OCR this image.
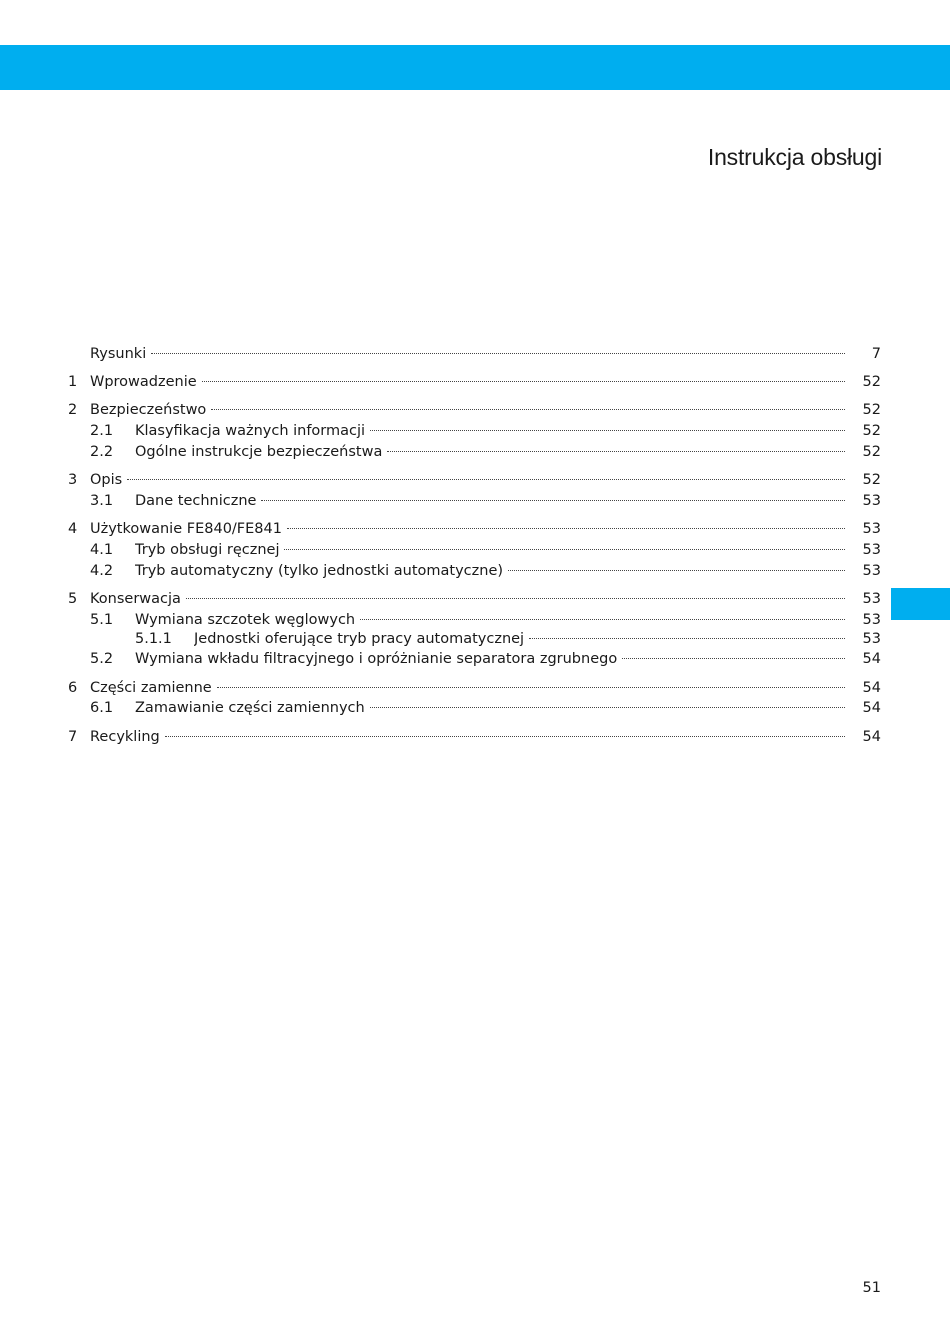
Instrukcja obsługi
Rysunki	7
1 Wprowadzenie	52
2 Bezpieczeństwo	52
2.1 Klasyfikacja ważnych informacji	52
2.2 Ogólne instrukcje bezpieczeństwa	52
3 Opis	52
3.1 Dane techniczne	53
4 Użytkowanie FE840/FE841	53
4.1 Tryb obsługi ręcznej	53
4.2 Tryb automatyczny (tylko jednostki automatyczne)	53
5 Konserwacja	53
5.1 Wymiana szczotek węglowych	53
5.1.1 Jednostki oferujące tryb pracy automatycznej	53
5.2 Wymiana wkładu filtracyjnego i opróżnianie separatora zgrubnego	54
6 Części zamienne	54
6.1 Zamawianie części zamiennych	54
7 Recykling	54
51
